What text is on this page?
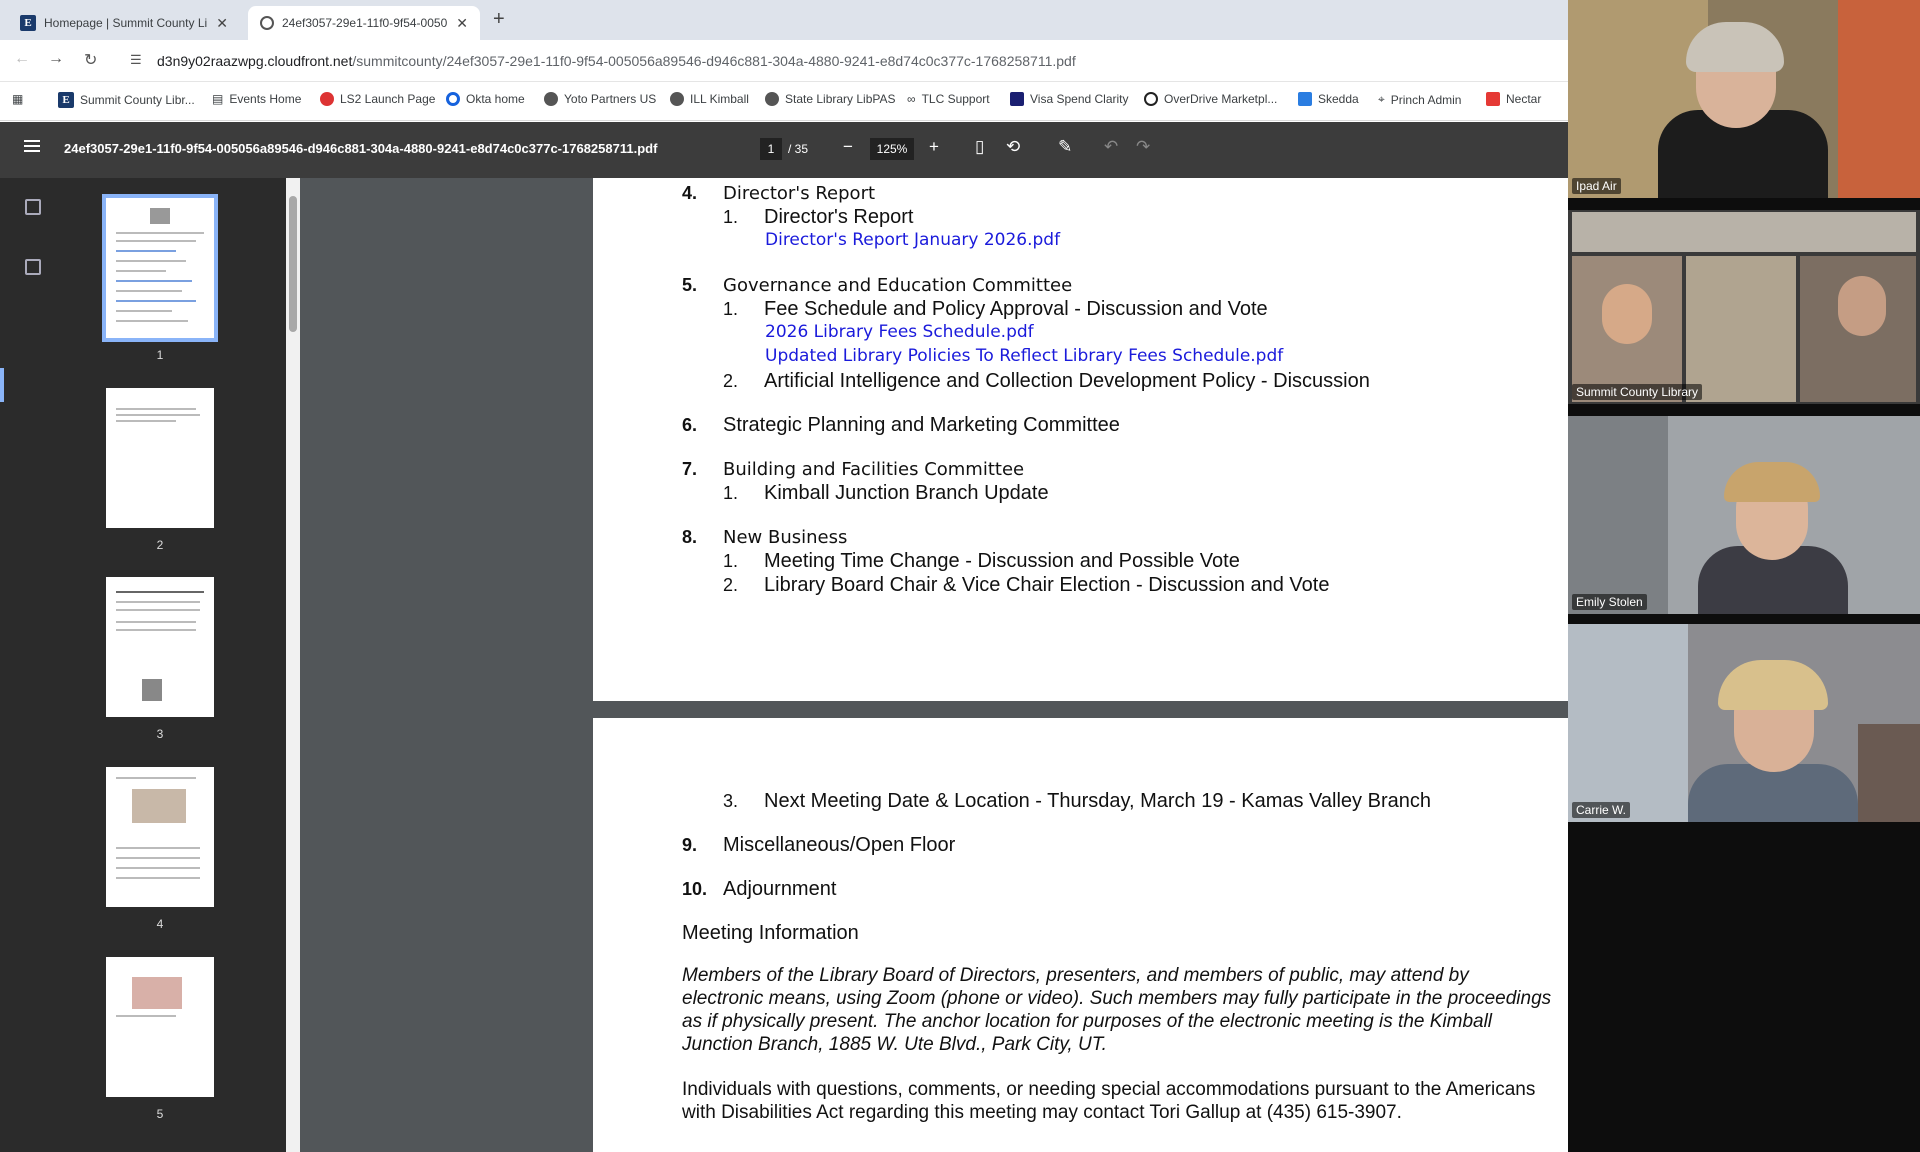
E	Homepage | Summit County Li ✕	24ef3057-29e1-11f0-9f54-0050 ✕ +
← → ↻	☰ d3n9y02raazwpg.cloudfront.net/summitcounty/24ef3057-29e1-11f0-9f54-005056a89546-d946c881-304a-4880-9241-e8d74c0c377c-1768258711.pdf
▦	E Summit County Libr... ▤ Events Home	LS2 Launch Page	Okta home	Yoto Partners US	ILL Kimball	State Library LibPAS ∞ TLC Support	Visa Spend Clarity	OverDrive Marketpl...	Skedda ⌖ Princh Admin	Nectar
24ef3057-29e1-11f0-9f54-005056a89546-d946c881-304a-4880-9241-e8d74c0c377c-1768258711.pdf	1	/ 35 −	125%	+ ▯ ⟲ ✎ ↶ ↷
1
2
3
4
5
4. Director's Report
1. Director's Report
Director's Report January 2026.pdf
5. Governance and Education Committee
1. Fee Schedule and Policy Approval - Discussion and Vote
2026 Library Fees Schedule.pdf
Updated Library Policies To Reflect Library Fees Schedule.pdf
2. Artificial Intelligence and Collection Development Policy - Discussion
6. Strategic Planning and Marketing Committee
7. Building and Facilities Committee
1. Kimball Junction Branch Update
8. New Business
1. Meeting Time Change - Discussion and Possible Vote
2. Library Board Chair & Vice Chair Election - Discussion and Vote
3. Next Meeting Date & Location - Thursday, March 19 - Kamas Valley Branch
9. Miscellaneous/Open Floor
10. Adjournment
Meeting Information

Members of the Library Board of Directors, presenters, and members of public, may attend by electronic means, using Zoom (phone or video). Such members may fully participate in the proceedings as if physically present. The anchor location for purposes of the electronic meeting is the Kimball Junction Branch, 1885 W. Ute Blvd., Park City, UT.

Individuals with questions, comments, or needing special accommodations pursuant to the Americans with Disabilities Act regarding this meeting may contact Tori Gallup at (435) 615-3907.

Ipad Air
Summit County Library
Emily Stolen
Carrie W.
